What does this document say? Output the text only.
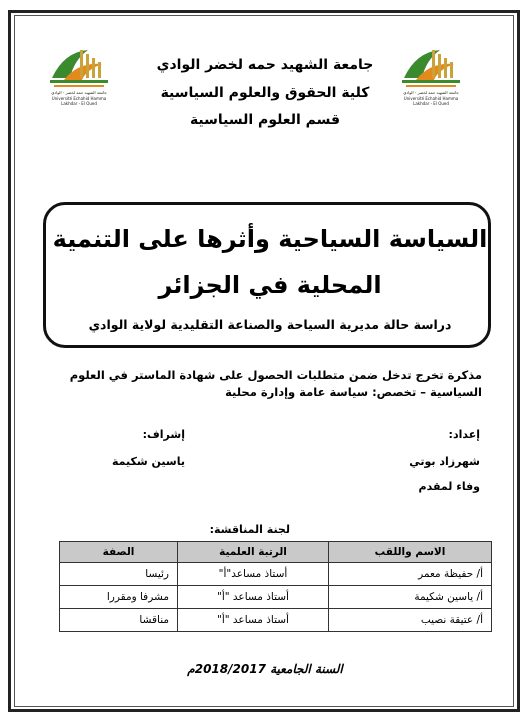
جامعة الشهيد حمه لخضر - الوادي
Université Echahid Hamma Lakhdar - El Oued
جامعة الشهيد حمه لخضر - الوادي
Université Echahid Hamma Lakhdar - El Oued
جامعة الشهيد حمه لخضر الوادي
كلية الحقوق والعلوم السياسية
قسم العلوم السياسية
السياسة السياحية وأثرها على التنمية
المحلية في الجزائر
دراسة حالة مديرية السياحة والصناعة التقليدية لولاية الوادي
مذكرة تخرج تدخل ضمن متطلبات الحصول على شهادة الماستر في العلوم
السياسية – تخصص: سياسة عامة وإدارة محلية
إعداد:
شهرزاد بوتي
وفاء لمقدم
إشراف:
ياسين شكيمة
لجنة المناقشة:
الاسم واللقب	الرتبة العلمية	الصفة
أ/ حفيظة معمر	أستاذ مساعد"أ"	رئيسا
أ/ ياسين شكيمة	أستاذ مساعد "أ"	مشرفا ومقررا
أ/ عتيقة نصيب	أستاذ مساعد "أ"	مناقشا
السنة الجامعية 2018/2017م
